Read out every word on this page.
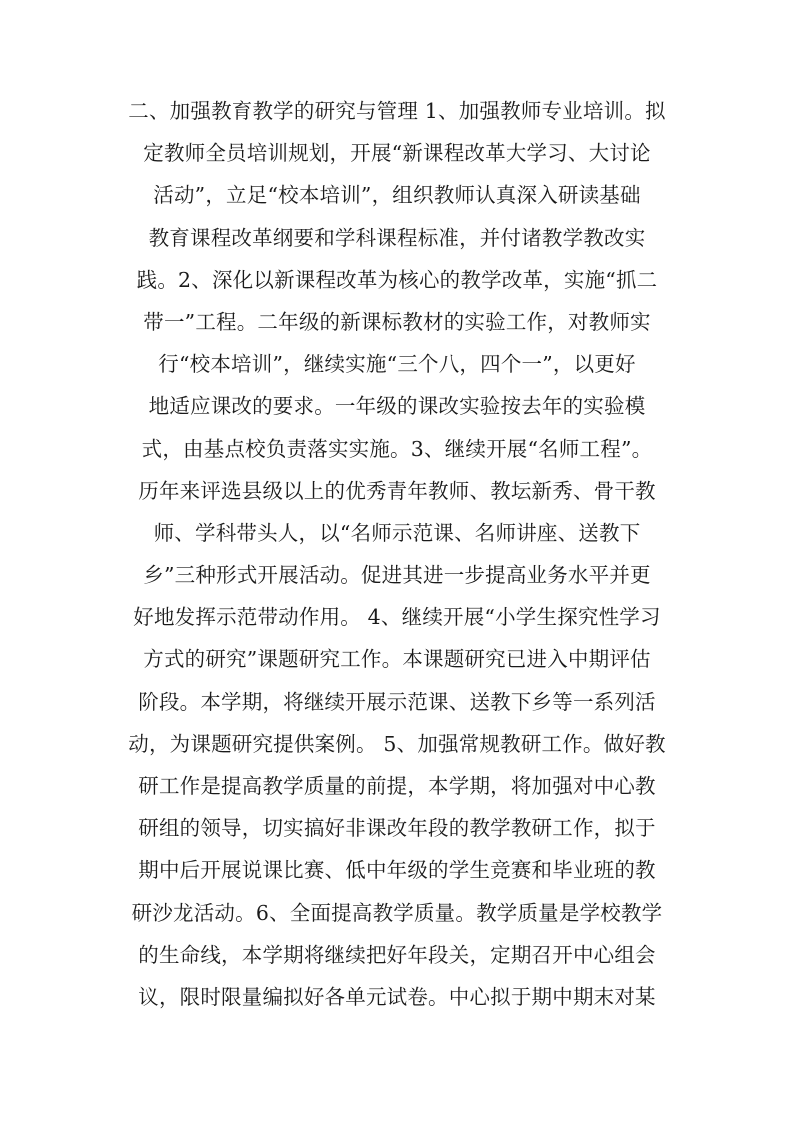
二、加强教育教学的研究与管理 1、加强教师专业培训。拟
定教师全员培训规划，开展“新课程改革大学习、大讨论
活动”，立足“校本培训”，组织教师认真深入研读基础
教育课程改革纲要和学科课程标准，并付诸教学教改实
践。2、深化以新课程改革为核心的教学改革，实施“抓二
带一”工程。二年级的新课标教材的实验工作，对教师实
行“校本培训”，继续实施“三个八，四个一”，以更好
地适应课改的要求。一年级的课改实验按去年的实验模
式，由基点校负责落实实施。3、继续开展“名师工程”。
历年来评选县级以上的优秀青年教师、教坛新秀、骨干教
师、学科带头人，以“名师示范课、名师讲座、送教下
乡”三种形式开展活动。促进其进一步提高业务水平并更
好地发挥示范带动作用。 4、继续开展“小学生探究性学习
方式的研究”课题研究工作。本课题研究已进入中期评估
阶段。本学期，将继续开展示范课、送教下乡等一系列活
动，为课题研究提供案例。 5、加强常规教研工作。做好教
研工作是提高教学质量的前提，本学期，将加强对中心教
研组的领导，切实搞好非课改年段的教学教研工作，拟于
期中后开展说课比赛、低中年级的学生竞赛和毕业班的教
研沙龙活动。6、全面提高教学质量。教学质量是学校教学
的生命线，本学期将继续把好年段关，定期召开中心组会
议，限时限量编拟好各单元试卷。中心拟于期中期末对某
